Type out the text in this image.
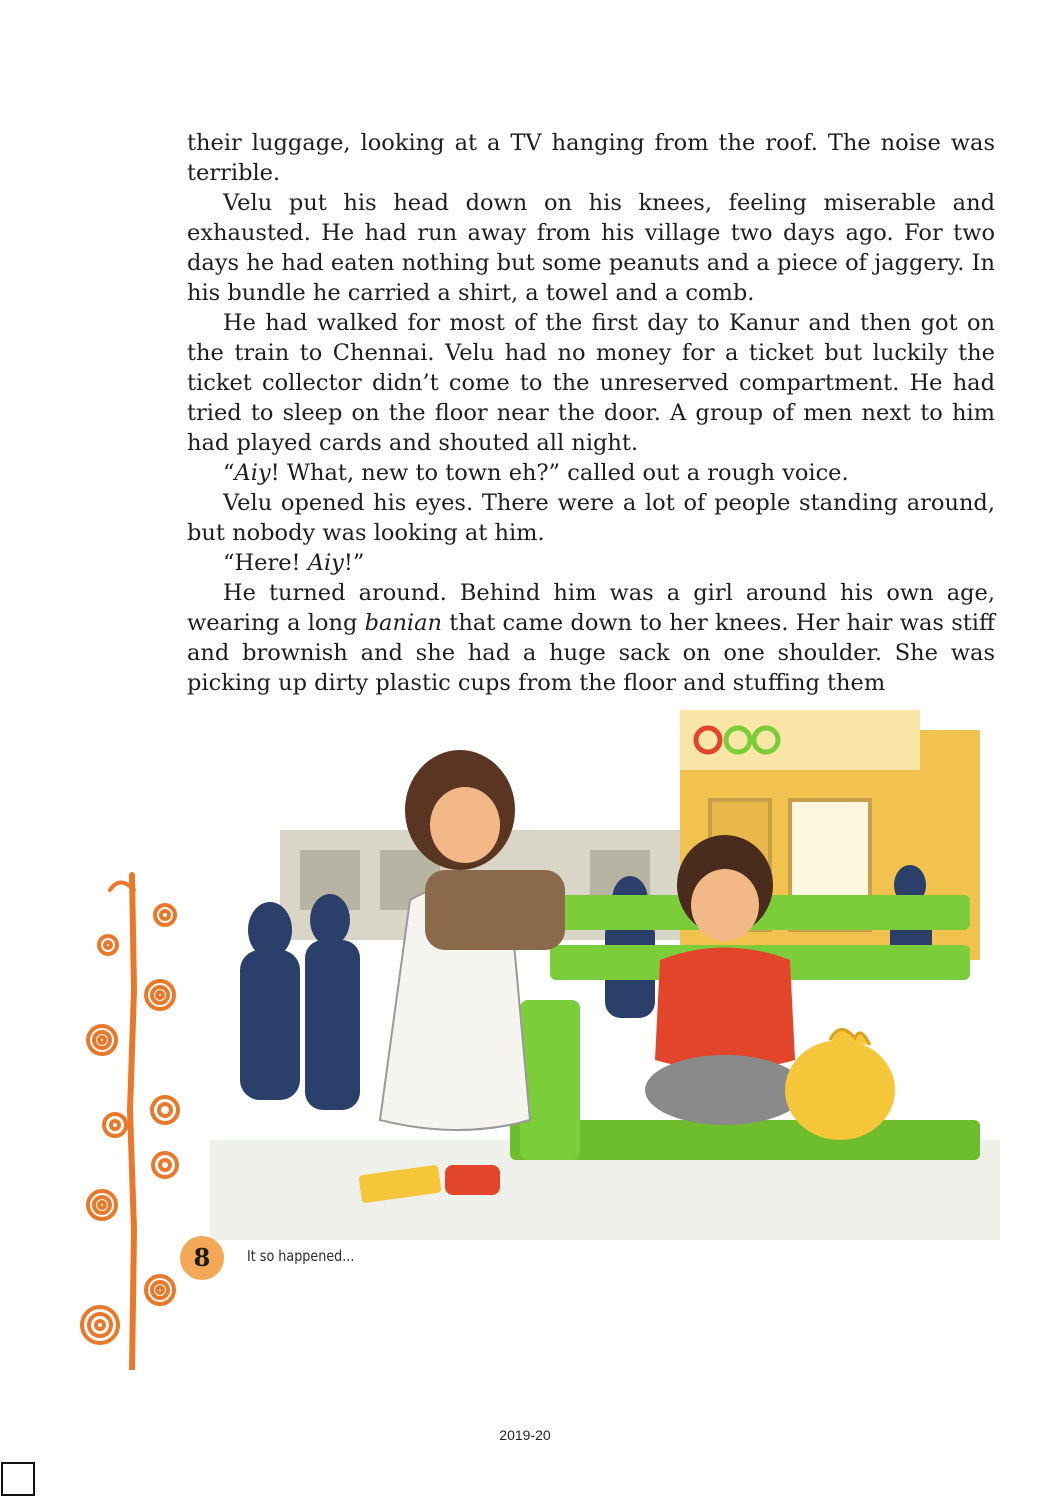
their luggage, looking at a TV hanging from the roof. The noise was terrible.

Velu put his head down on his knees, feeling miserable and exhausted. He had run away from his village two days ago. For two days he had eaten nothing but some peanuts and a piece of jaggery. In his bundle he carried a shirt, a towel and a comb.

He had walked for most of the first day to Kanur and then got on the train to Chennai. Velu had no money for a ticket but luckily the ticket collector didn’t come to the unreserved compartment. He had tried to sleep on the floor near the door. A group of men next to him had played cards and shouted all night.

“Aiy! What, new to town eh?” called out a rough voice.

Velu opened his eyes. There were a lot of people standing around, but nobody was looking at him.

“Here! Aiy!”

He turned around. Behind him was a girl around his own age, wearing a long banian that came down to her knees. Her hair was stiff and brownish and she had a huge sack on one shoulder. She was picking up dirty plastic cups from the floor and stuffing them

8	It so happened...
2019-20
